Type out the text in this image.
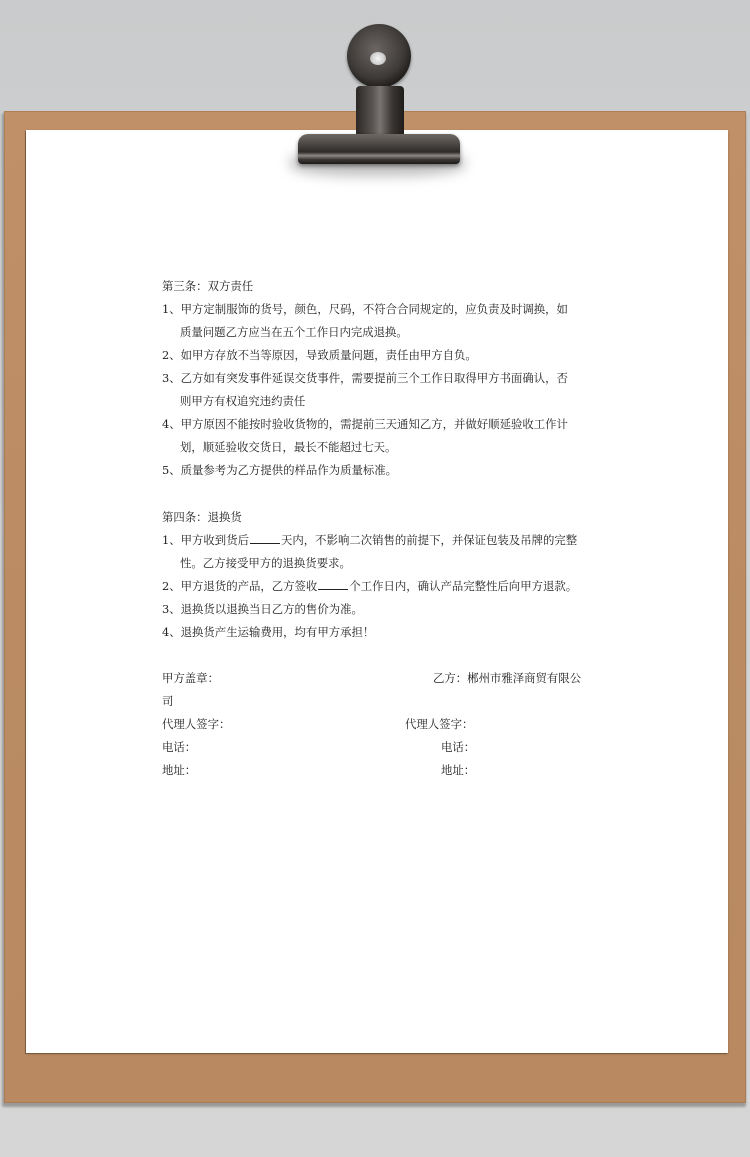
第三条：双方责任
1、甲方定制服饰的货号，颜色，尺码，不符合合同规定的，应负责及时调换，如
质量问题乙方应当在五个工作日内完成退换。
2、如甲方存放不当等原因，导致质量问题，责任由甲方自负。
3、乙方如有突发事件延误交货事件，需要提前三个工作日取得甲方书面确认，否
则甲方有权追究违约责任
4、甲方原因不能按时验收货物的，需提前三天通知乙方，并做好顺延验收工作计
划，顺延验收交货日，最长不能超过七天。
5、质量参考为乙方提供的样品作为质量标准。
第四条：退换货
1、甲方收到货后	天内，不影响二次销售的前提下，并保证包装及吊牌的完整
性。乙方接受甲方的退换货要求。
2、甲方退货的产品，乙方签收	个工作日内，确认产品完整性后向甲方退款。
3、退换货以退换当日乙方的售价为准。
4、退换货产生运输费用，均有甲方承担！
甲方盖章：	乙方：郴州市雅泽商贸有限公
司
代理人签字：	代理人签字：
电话：	电话：
地址：	地址：
